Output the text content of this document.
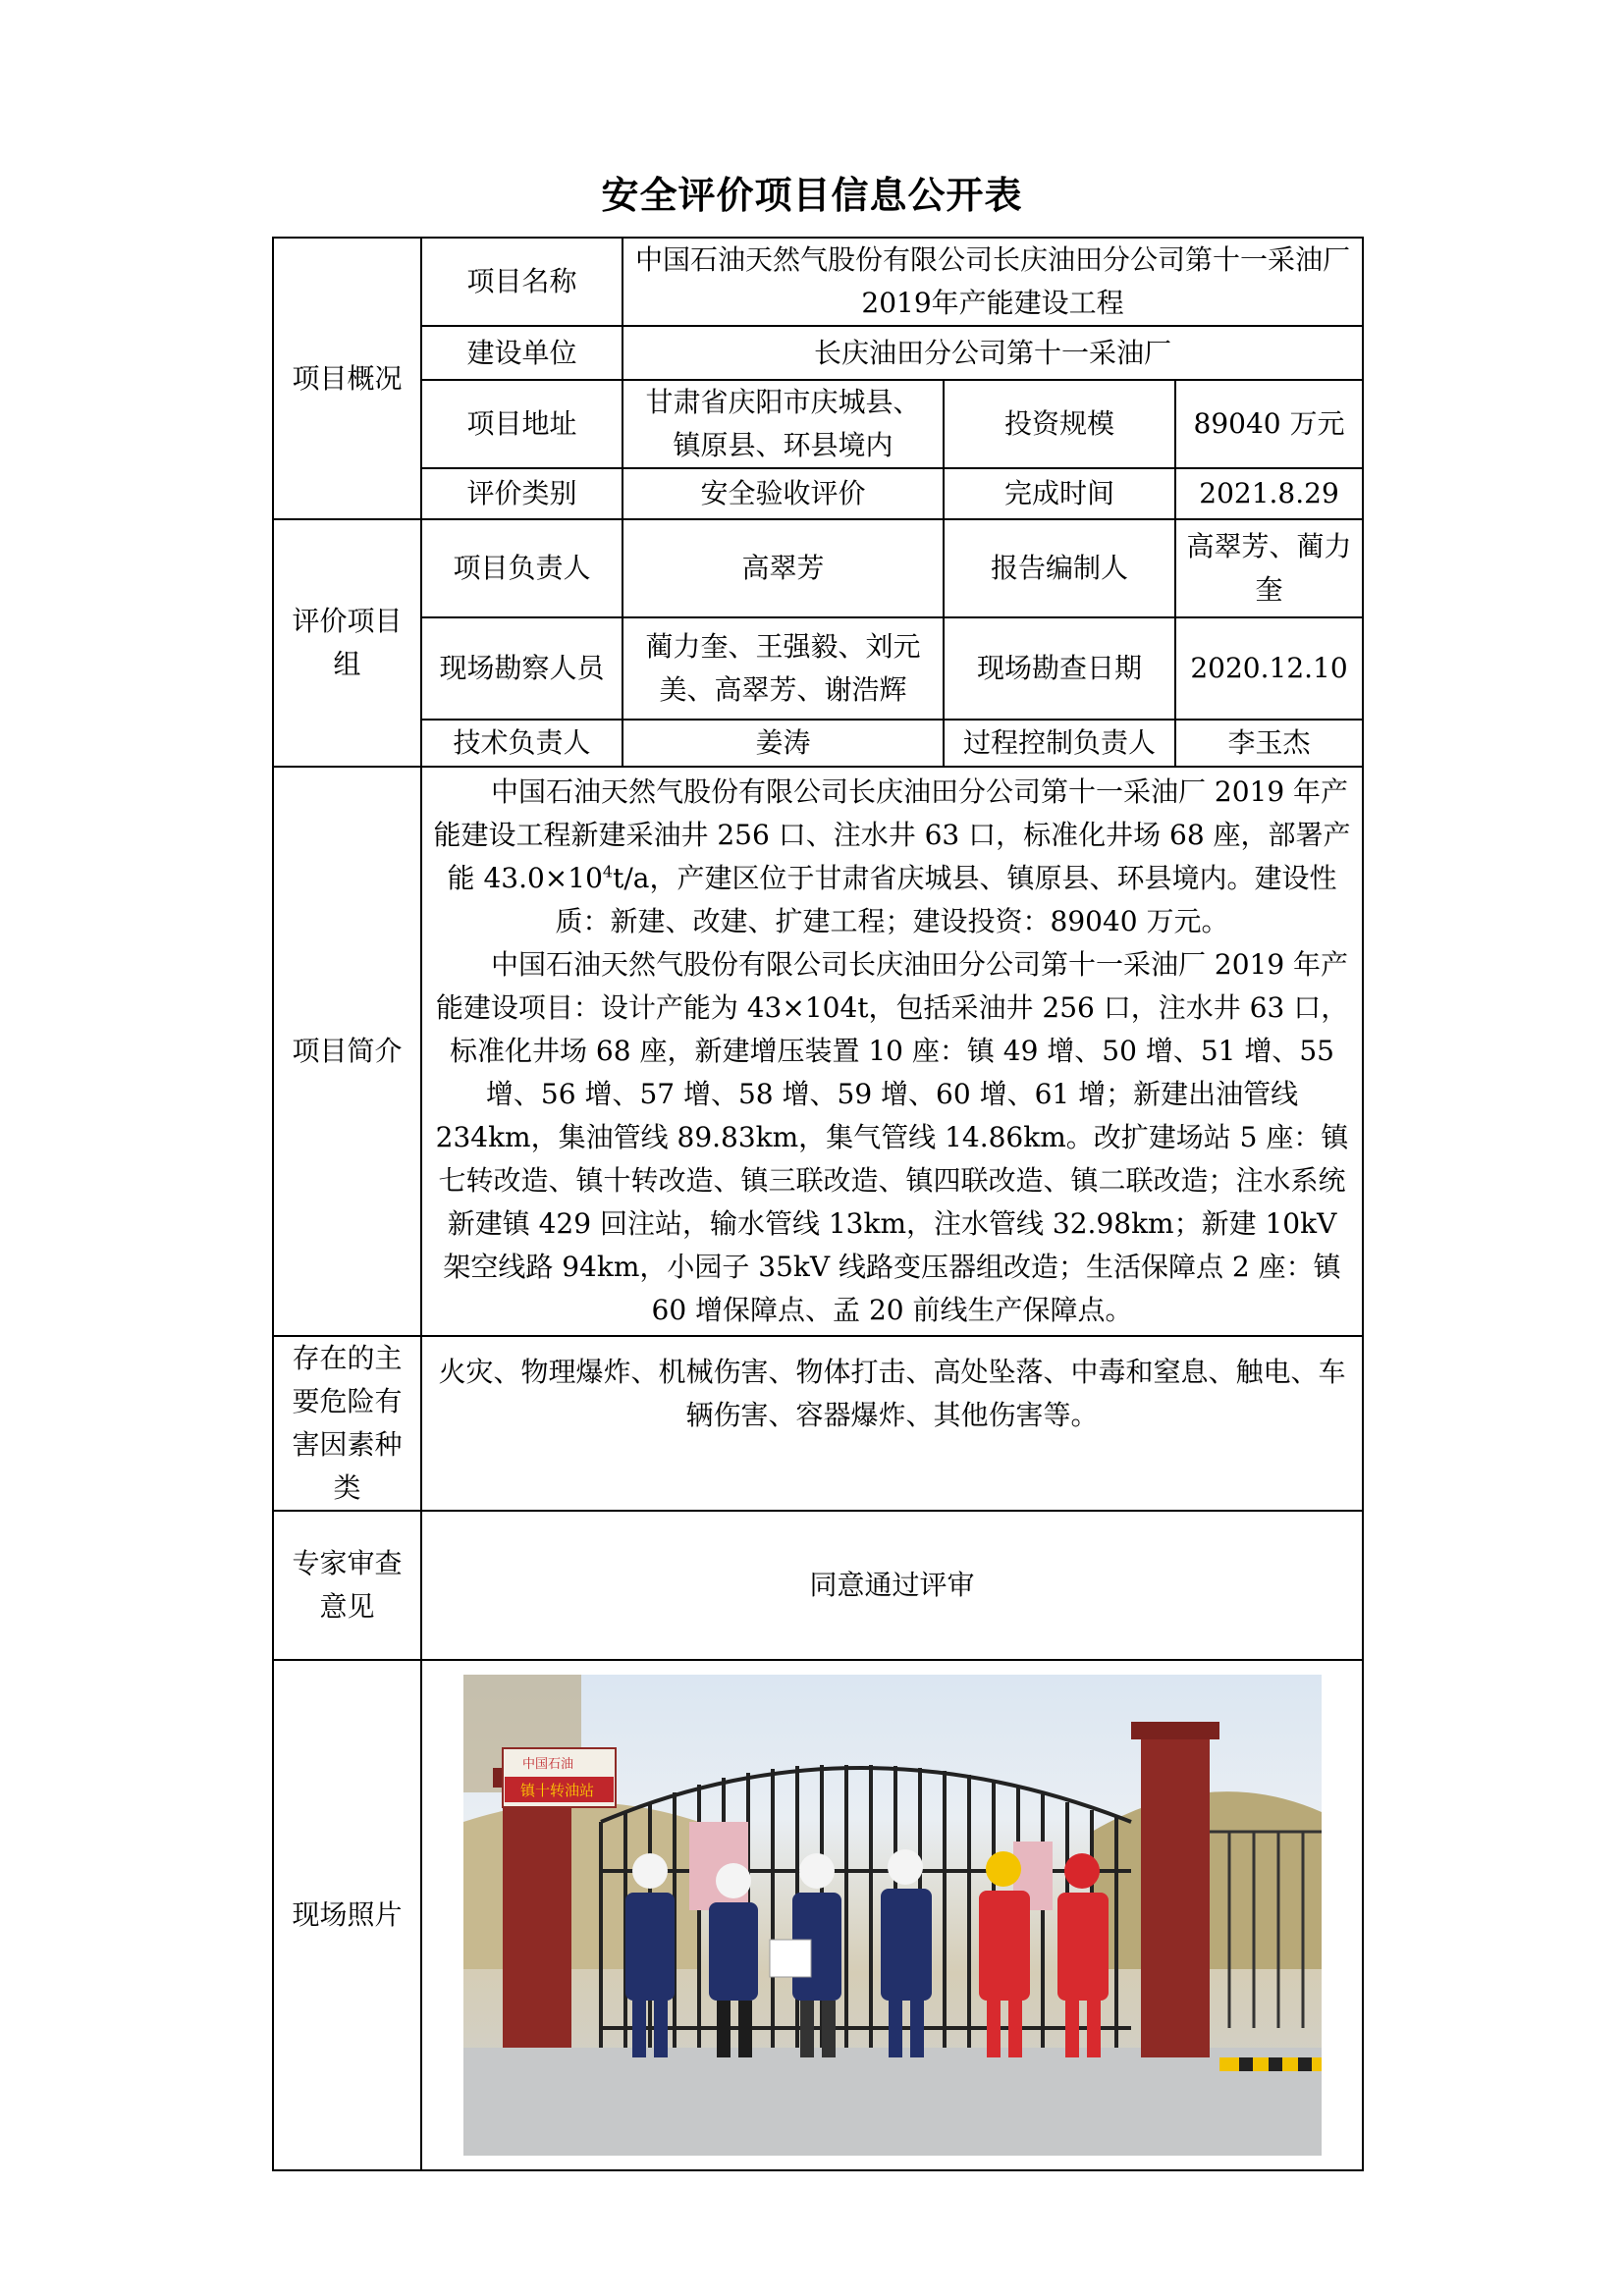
安全评价项目信息公开表
项目概况	项目名称	中国石油天然气股份有限公司长庆油田分公司第十一采油厂2019年产能建设工程		
	建设单位	长庆油田分公司第十一采油厂		
	项目地址	甘肃省庆阳市庆城县、镇原县、环县境内	投资规模	89040 万元
	评价类别	安全验收评价	完成时间	2021.8.29
评价项目组	项目负责人	高翠芳	报告编制人	高翠芳、蔺力奎
	现场勘察人员	蔺力奎、王强毅、刘元美、高翠芳、谢浩辉	现场勘查日期	2020.12.10
	技术负责人	姜涛	过程控制负责人	李玉杰
项目简介	中国石油天然气股份有限公司长庆油田分公司第十一采油厂 2019 年产能建设工程新建采油井 256 口、注水井 63 口，标准化井场 68 座，部署产能 $43.0\times 10^4t/a$，产建区位于甘肃省庆城县、镇原县、环县境内。建设性质：新建、改建、扩建工程；建设投资：89040 万元。

中国石油天然气股份有限公司长庆油田分公司第十一采油厂 2019 年产能建设项目：设计产能为 43×104t，包括采油井 256 口，注水井 63 口，标准化井场 68 座，新建增压装置 10 座：镇 49 增、50 增、51 增、55 增、56 增、57 增、58 增、59 增、60 增、61 增；新建出油管线 234km，集油管线 89.83km，集气管线 14.86km。改扩建场站 5 座：镇七转改造、镇十转改造、镇三联改造、镇四联改造、镇二联改造；注水系统新建镇 429 回注站，输水管线 13km，注水管线 32.98km；新建 10kV 架空线路 94km，小园子 35kV 线路变压器组改造；生活保障点 2 座：镇 60 增保障点、孟 20 前线生产保障点。			

存在的主要危险有害因素种类	火灾、物理爆炸、机械伤害、物体打击、高处坠落、中毒和窒息、触电、车辆伤害、容器爆炸、其他伤害等。			
专家审查意见	同意通过评审			
现场照片	中国石油
镇十转油站			
